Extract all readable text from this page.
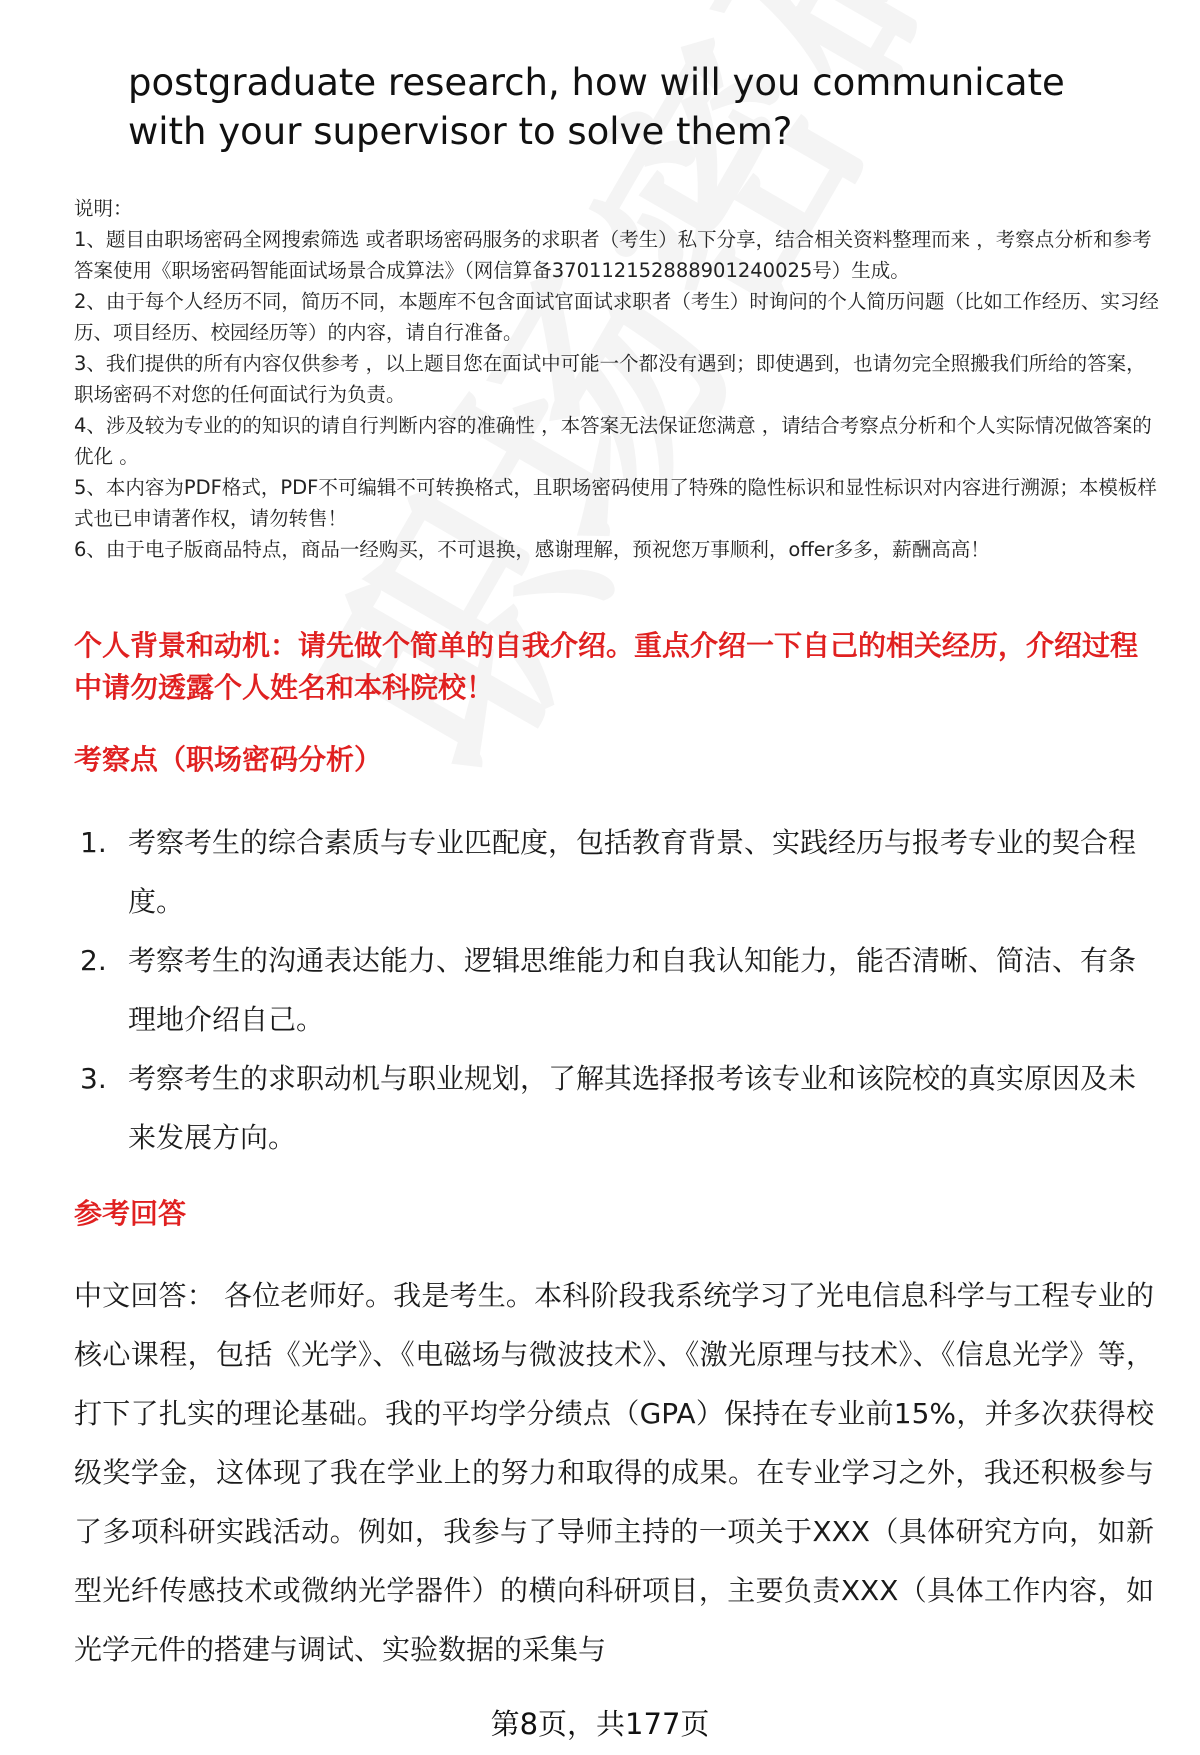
postgraduate research, how will you communicate with your supervisor to solve them?

说明：

1、题目由职场密码全网搜索筛选 或者职场密码服务的求职者（考生）私下分享，结合相关资料整理而来 ，考察点分析和参考答案使用《职场密码智能面试场景合成算法》（网信算备370112152888901240025号）生成。

2、由于每个人经历不同，简历不同，本题库不包含面试官面试求职者（考生）时询问的个人简历问题（比如工作经历、实习经历、项目经历、校园经历等）的内容，请自行准备。

3、我们提供的所有内容仅供参考 ，以上题目您在面试中可能一个都没有遇到；即使遇到，也请勿完全照搬我们所给的答案，职场密码不对您的任何面试行为负责。

4、涉及较为专业的的知识的请自行判断内容的准确性 ，本答案无法保证您满意 ，请结合考察点分析和个人实际情况做答案的优化 。

5、本内容为PDF格式，PDF不可编辑不可转换格式，且职场密码使用了特殊的隐性标识和显性标识对内容进行溯源；本模板样式也已申请著作权，请勿转售！

6、由于电子版商品特点，商品一经购买，不可退换，感谢理解，预祝您万事顺利，offer多多，薪酬高高！

个人背景和动机：请先做个简单的自我介绍。重点介绍一下自己的相关经历，介绍过程中请勿透露个人姓名和本科院校！
考察点（职场密码分析）
1. 考察考生的综合素质与专业匹配度，包括教育背景、实践经历与报考专业的契合程度。
2. 考察考生的沟通表达能力、逻辑思维能力和自我认知能力，能否清晰、简洁、有条理地介绍自己。
3. 考察考生的求职动机与职业规划，了解其选择报考该专业和该院校的真实原因及未来发展方向。
参考回答
中文回答： 各位老师好。我是考生。本科阶段我系统学习了光电信息科学与工程专业的核心课程，包括《光学》、《电磁场与微波技术》、《激光原理与技术》、《信息光学》等，打下了扎实的理论基础。我的平均学分绩点（GPA）保持在专业前15%，并多次获得校级奖学金，这体现了我在学业上的努力和取得的成果。在专业学习之外，我还积极参与了多项科研实践活动。例如，我参与了导师主持的一项关于XXX（具体研究方向，如新型光纤传感技术或微纳光学器件）的横向科研项目，主要负责XXX（具体工作内容，如光学元件的搭建与调试、实验数据的采集与
第8页，共177页
